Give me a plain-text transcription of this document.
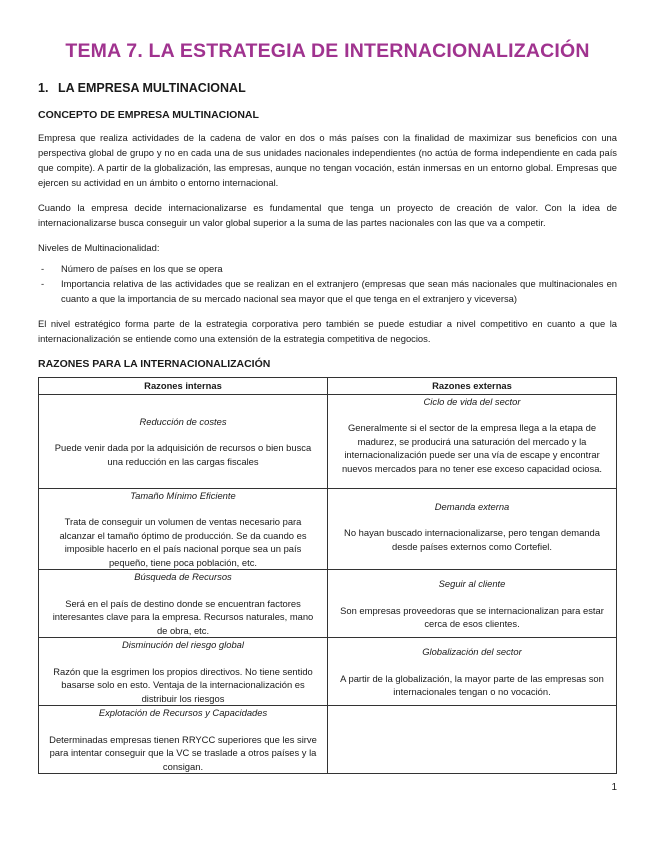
TEMA 7. LA ESTRATEGIA DE INTERNACIONALIZACIÓN
1. LA EMPRESA MULTINACIONAL
CONCEPTO DE EMPRESA MULTINACIONAL

Empresa que realiza actividades de la cadena de valor en dos o más países con la finalidad de maximizar sus beneficios con una perspectiva global de grupo y no en cada una de sus unidades nacionales independientes (no actúa de forma independiente en cada país que compite). A partir de la globalización, las empresas, aunque no tengan vocación, están inmersas en un entorno global. Empresas que ejercen su actividad en un ámbito o entorno internacional.

Cuando la empresa decide internacionalizarse es fundamental que tenga un proyecto de creación de valor. Con la idea de internacionalizarse busca conseguir un valor global superior a la suma de las partes nacionales con las que va a competir.

Niveles de Multinacionalidad:

- Número de países en los que se opera
- Importancia relativa de las actividades que se realizan en el extranjero (empresas que sean más nacionales que multinacionales en cuanto a que la importancia de su mercado nacional sea mayor que el que tenga en el extranjero y viceversa)

El nivel estratégico forma parte de la estrategia corporativa pero también se puede estudiar a nivel competitivo en cuanto a que la internacionalización se entiende como una extensión de la estrategia competitiva de negocios.

RAZONES PARA LA INTERNACIONALIZACIÓN
Razones internas	Razones externas

Reducción de costes
Puede venir dada por la adquisición de recursos o bien busca una reducción en las cargas fiscales	Ciclo de vida del sector
Generalmente si el sector de la empresa llega a la etapa de madurez, se producirá una saturación del mercado y la internacionalización puede ser una vía de escape y encontrar nuevos mercados para no tener ese exceso capacidad ociosa.

Tamaño Mínimo Eficiente
Trata de conseguir un volumen de ventas necesario para alcanzar el tamaño óptimo de producción. Se da cuando es imposible hacerlo en el país nacional porque sea un país pequeño, tiene poca población, etc.	Demanda externa
No hayan buscado internacionalizarse, pero tengan demanda desde países externos como Cortefiel.

Búsqueda de Recursos
Será en el país de destino donde se encuentran factores interesantes clave para la empresa. Recursos naturales, mano de obra, etc.	Seguir al cliente
Son empresas proveedoras que se internacionalizan para estar cerca de esos clientes.

Disminución del riesgo global
Razón que la esgrimen los propios directivos. No tiene sentido basarse solo en esto. Ventaja de la internacionalización es distribuir los riesgos	Globalización del sector
A partir de la globalización, la mayor parte de las empresas son internacionales tengan o no vocación.

Explotación de Recursos y Capacidades
Determinadas empresas tienen RRYCC superiores que les sirve para intentar conseguir que la VC se traslade a otros países y la consigan.	

1
